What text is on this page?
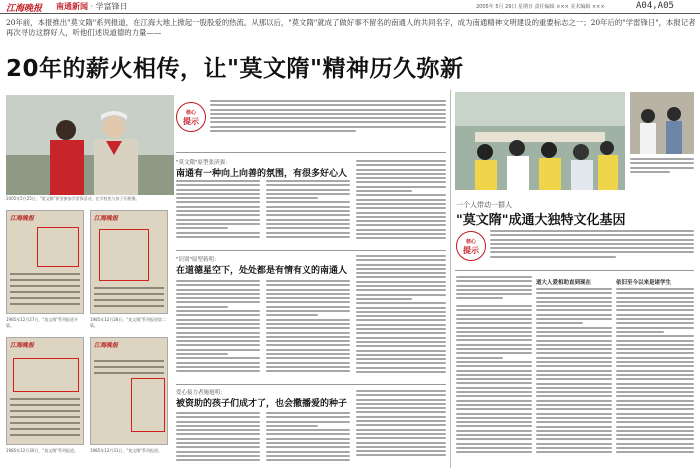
江海晚报 南通新闻 · 学富锋日	2005年 5月 29日 星期日 责任编辑 ××× 美术编辑 ×××	A04,A05

20年前，本报推出"莫文隋"系列报道，在江海大地上掀起一股股爱的热流。从那以后，"莫文隋"就成了做好事不留名的南通人的共同名字，成为南通精神文明建设的重要标志之一；20年后的"学雷锋日"，本报记者再次寻访这群好人，听他们述说道德的力量——

20年的薪火相传，让"莫文隋"精神历久弥新

2005年5月25日，"莫文隋"原型参加学雷锋活动，在学校里与孩子们相聚。

核心
提示
"莫文隋"原型张济强：
南通有一种向上向善的氛围，有很多好心人
江海晚报

1985年12月27日，"莫文隋"系列报道开篇。

江海晚报

1985年12月28日，"莫文隋"系列报道第二篇。

江海晚报

1985年12月30日，"莫文隋"系列报道。

江海晚报

1985年12月31日，"莫文隋"系列报道。

"识别"原型蒋明：
在道德星空下，处处都是有情有义的南通人
爱心接力者施旭明：
被资助的孩子们成才了，也会撒播爱的种子
一个人带动一群人
"莫文隋"成通大独特文化基因
核心
提示
道大人爱相助直到现在	依旧至今以来是诸学生
